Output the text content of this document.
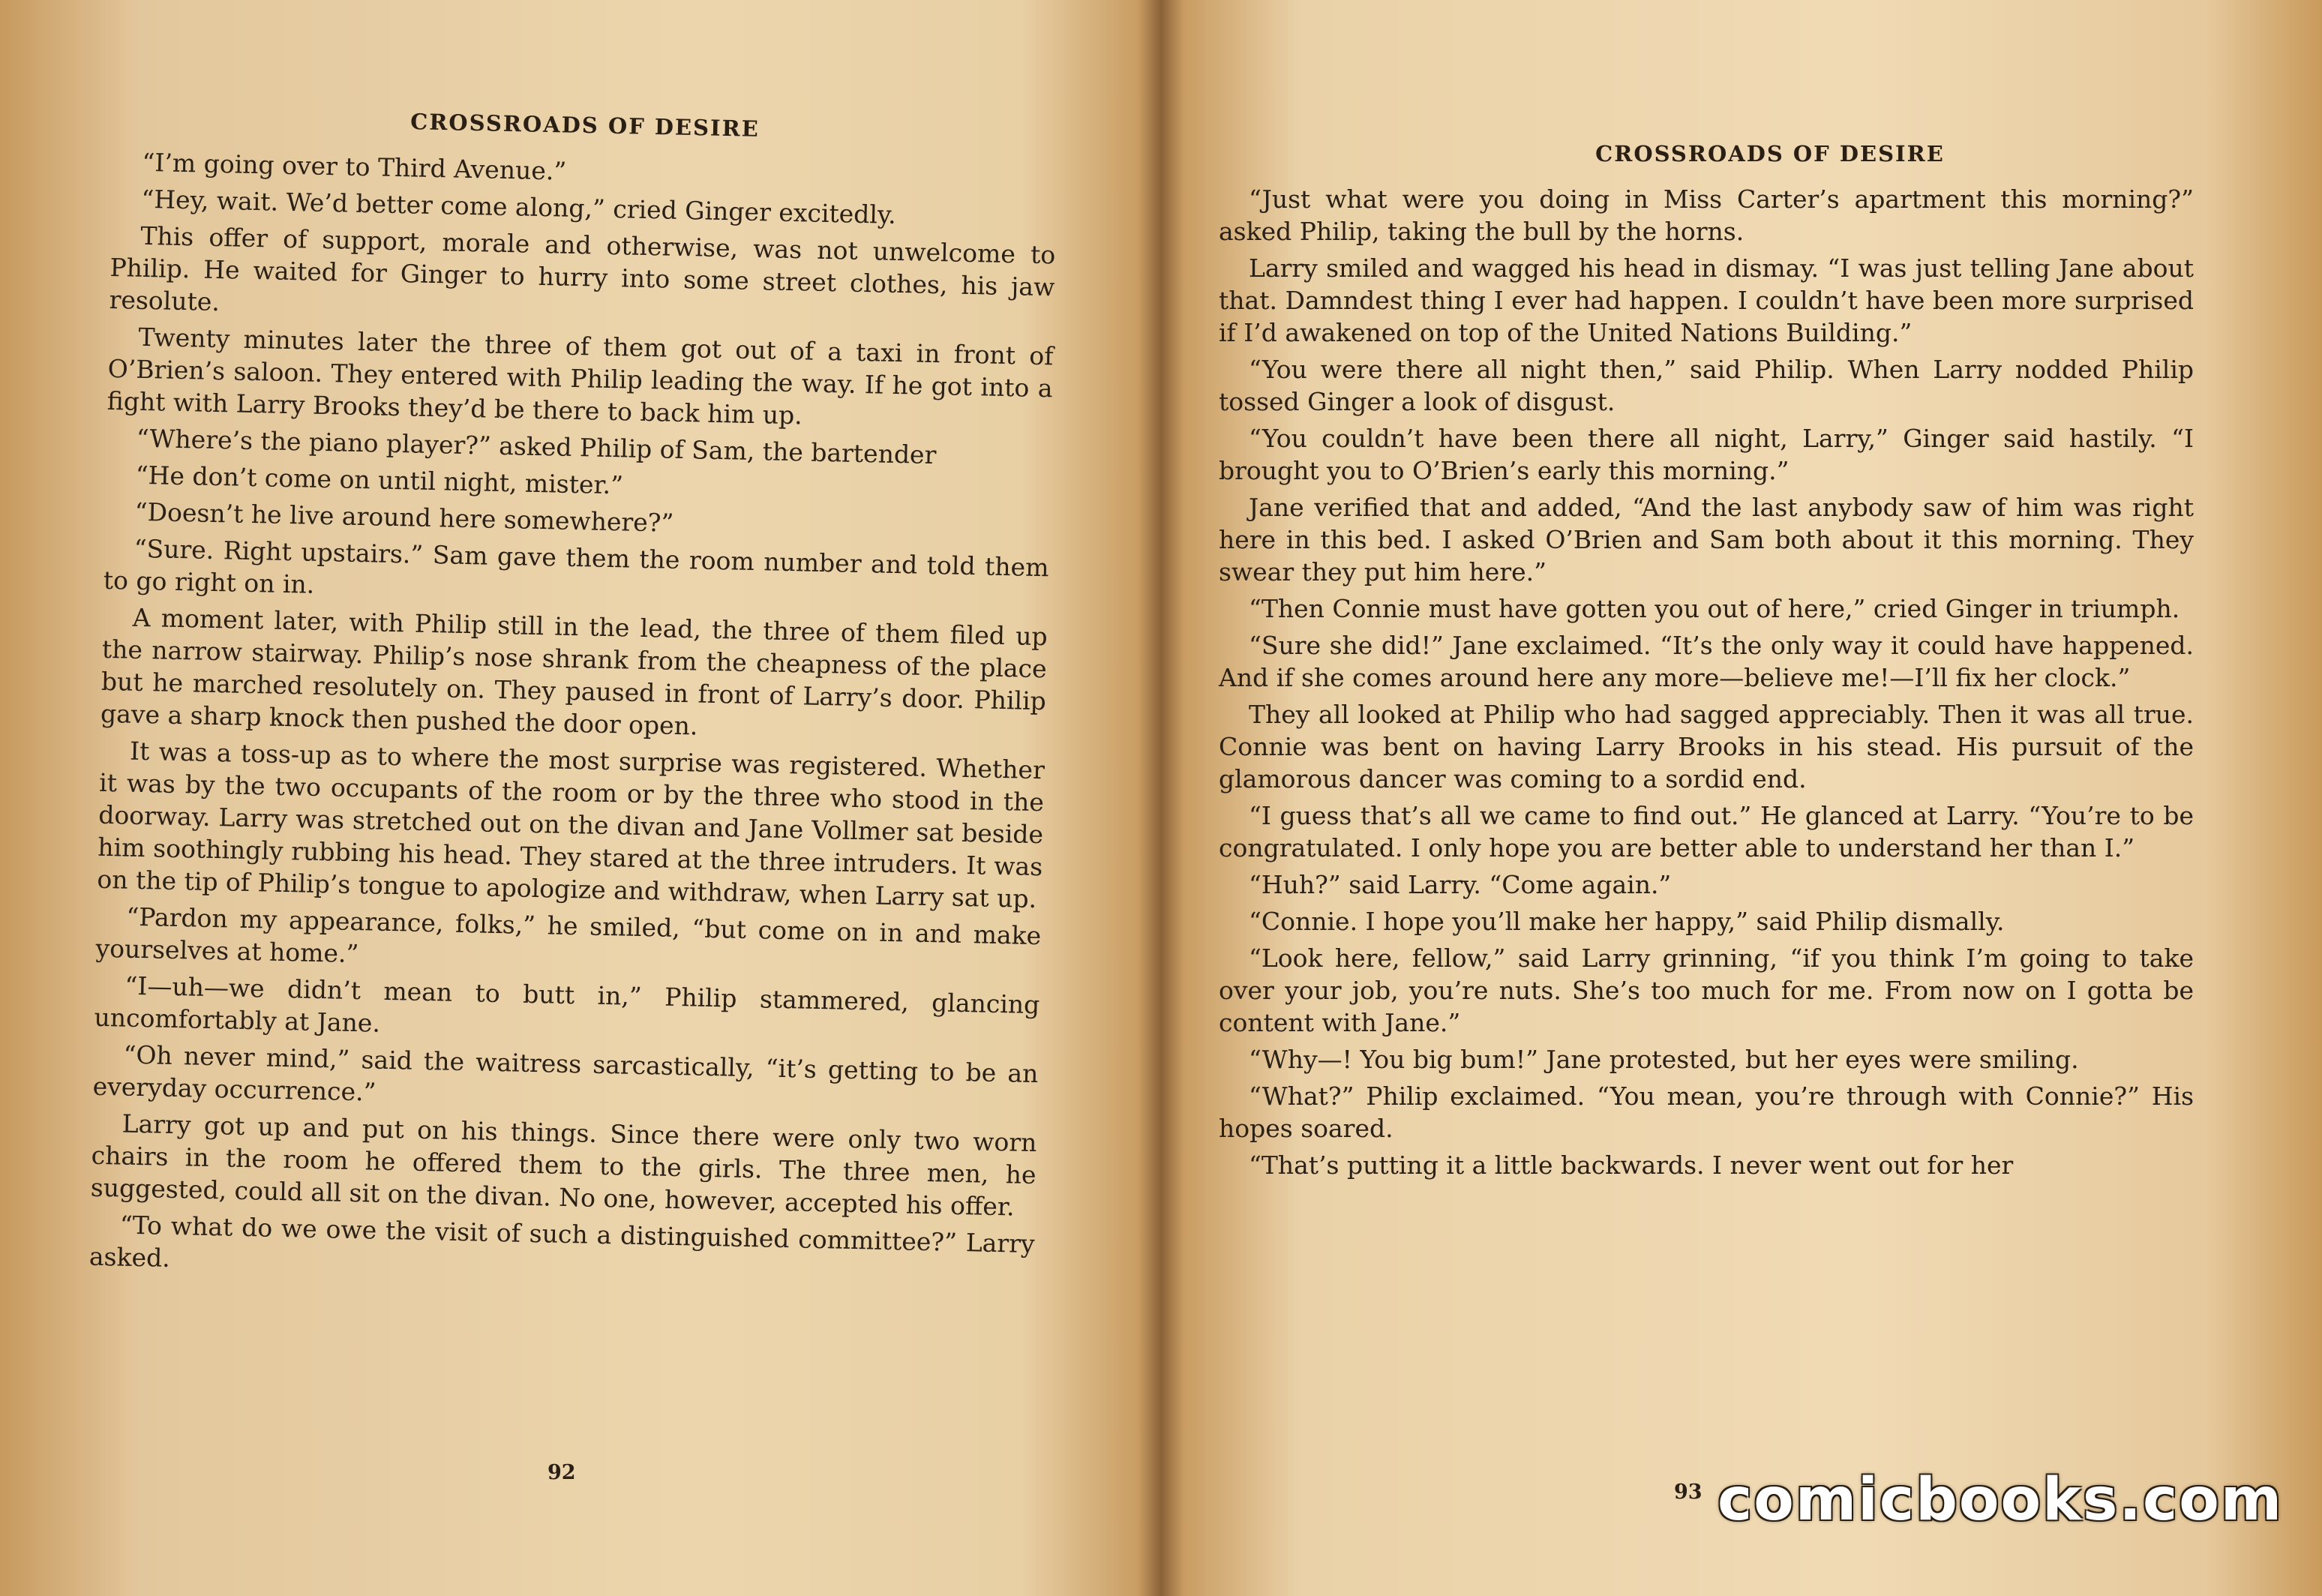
CROSSROADS OF DESIRE

“I’m going over to Third Avenue.”

“Hey, wait. We’d better come along,” cried Ginger excitedly.

This offer of support, morale and otherwise, was not unwelcome to Philip. He waited for Ginger to hurry into some street clothes, his jaw resolute.

Twenty minutes later the three of them got out of a taxi in front of O’Brien’s saloon. They entered with Philip leading the way. If he got into a fight with Larry Brooks they’d be there to back him up.

“Where’s the piano player?” asked Philip of Sam, the bartender

“He don’t come on until night, mister.”

“Doesn’t he live around here somewhere?”

“Sure. Right upstairs.” Sam gave them the room number and told them to go right on in.

A moment later, with Philip still in the lead, the three of them filed up the narrow stairway. Philip’s nose shrank from the cheapness of the place but he marched resolutely on. They paused in front of Larry’s door. Philip gave a sharp knock then pushed the door open.

It was a toss-up as to where the most surprise was registered. Whether it was by the two occupants of the room or by the three who stood in the doorway. Larry was stretched out on the divan and Jane Vollmer sat beside him soothingly rubbing his head. They stared at the three intruders. It was on the tip of Philip’s tongue to apologize and withdraw, when Larry sat up.

“Pardon my appearance, folks,” he smiled, “but come on in and make yourselves at home.”

“I—uh—we didn’t mean to butt in,” Philip stammered, glancing uncomfortably at Jane.

“Oh never mind,” said the waitress sarcastically, “it’s getting to be an everyday occurrence.”

Larry got up and put on his things. Since there were only two worn chairs in the room he offered them to the girls. The three men, he suggested, could all sit on the divan. No one, however, accepted his offer.

“To what do we owe the visit of such a distinguished committee?” Larry asked.

92
CROSSROADS OF DESIRE

“Just what were you doing in Miss Carter’s apartment this morning?” asked Philip, taking the bull by the horns.

Larry smiled and wagged his head in dismay. “I was just telling Jane about that. Damndest thing I ever had happen. I couldn’t have been more surprised if I’d awakened on top of the United Nations Building.”

“You were there all night then,” said Philip. When Larry nodded Philip tossed Ginger a look of disgust.

“You couldn’t have been there all night, Larry,” Ginger said hastily. “I brought you to O’Brien’s early this morning.”

Jane verified that and added, “And the last anybody saw of him was right here in this bed. I asked O’Brien and Sam both about it this morning. They swear they put him here.”

“Then Connie must have gotten you out of here,” cried Ginger in triumph.

“Sure she did!” Jane exclaimed. “It’s the only way it could have happened. And if she comes around here any more—believe me!—I’ll fix her clock.”

They all looked at Philip who had sagged appreciably. Then it was all true. Connie was bent on having Larry Brooks in his stead. His pursuit of the glamorous dancer was coming to a sordid end.

“I guess that’s all we came to find out.” He glanced at Larry. “You’re to be congratulated. I only hope you are better able to understand her than I.”

“Huh?” said Larry. “Come again.”

“Connie. I hope you’ll make her happy,” said Philip dismally.

“Look here, fellow,” said Larry grinning, “if you think I’m going to take over your job, you’re nuts. She’s too much for me. From now on I gotta be content with Jane.”

“Why—! You big bum!” Jane protested, but her eyes were smiling.

“What?” Philip exclaimed. “You mean, you’re through with Connie?” His hopes soared.

“That’s putting it a little backwards. I never went out for her

93 comicbooks.com
